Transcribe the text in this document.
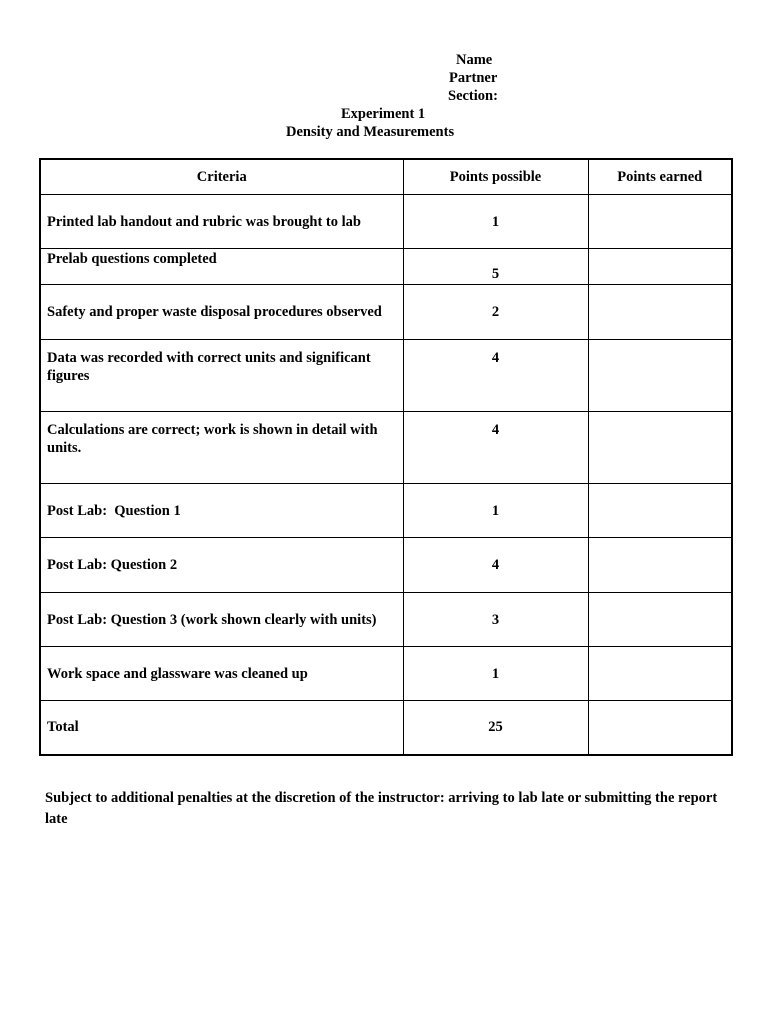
Name
Partner
Section:
Experiment 1
Density and Measurements
Criteria	Points possible	Points earned
Printed lab handout and rubric was brought to lab	1	
Prelab questions completed	5	
Safety and proper waste disposal procedures observed	2	
Data was recorded with correct units and significant figures	4	
Calculations are correct; work is shown in detail with units.	4	
Post Lab:  Question 1	1	
Post Lab: Question 2	4	
Post Lab: Question 3 (work shown clearly with units)	3	
Work space and glassware was cleaned up	1	
Total	25	
Subject to additional penalties at the discretion of the instructor: arriving to lab late or submitting the report late
